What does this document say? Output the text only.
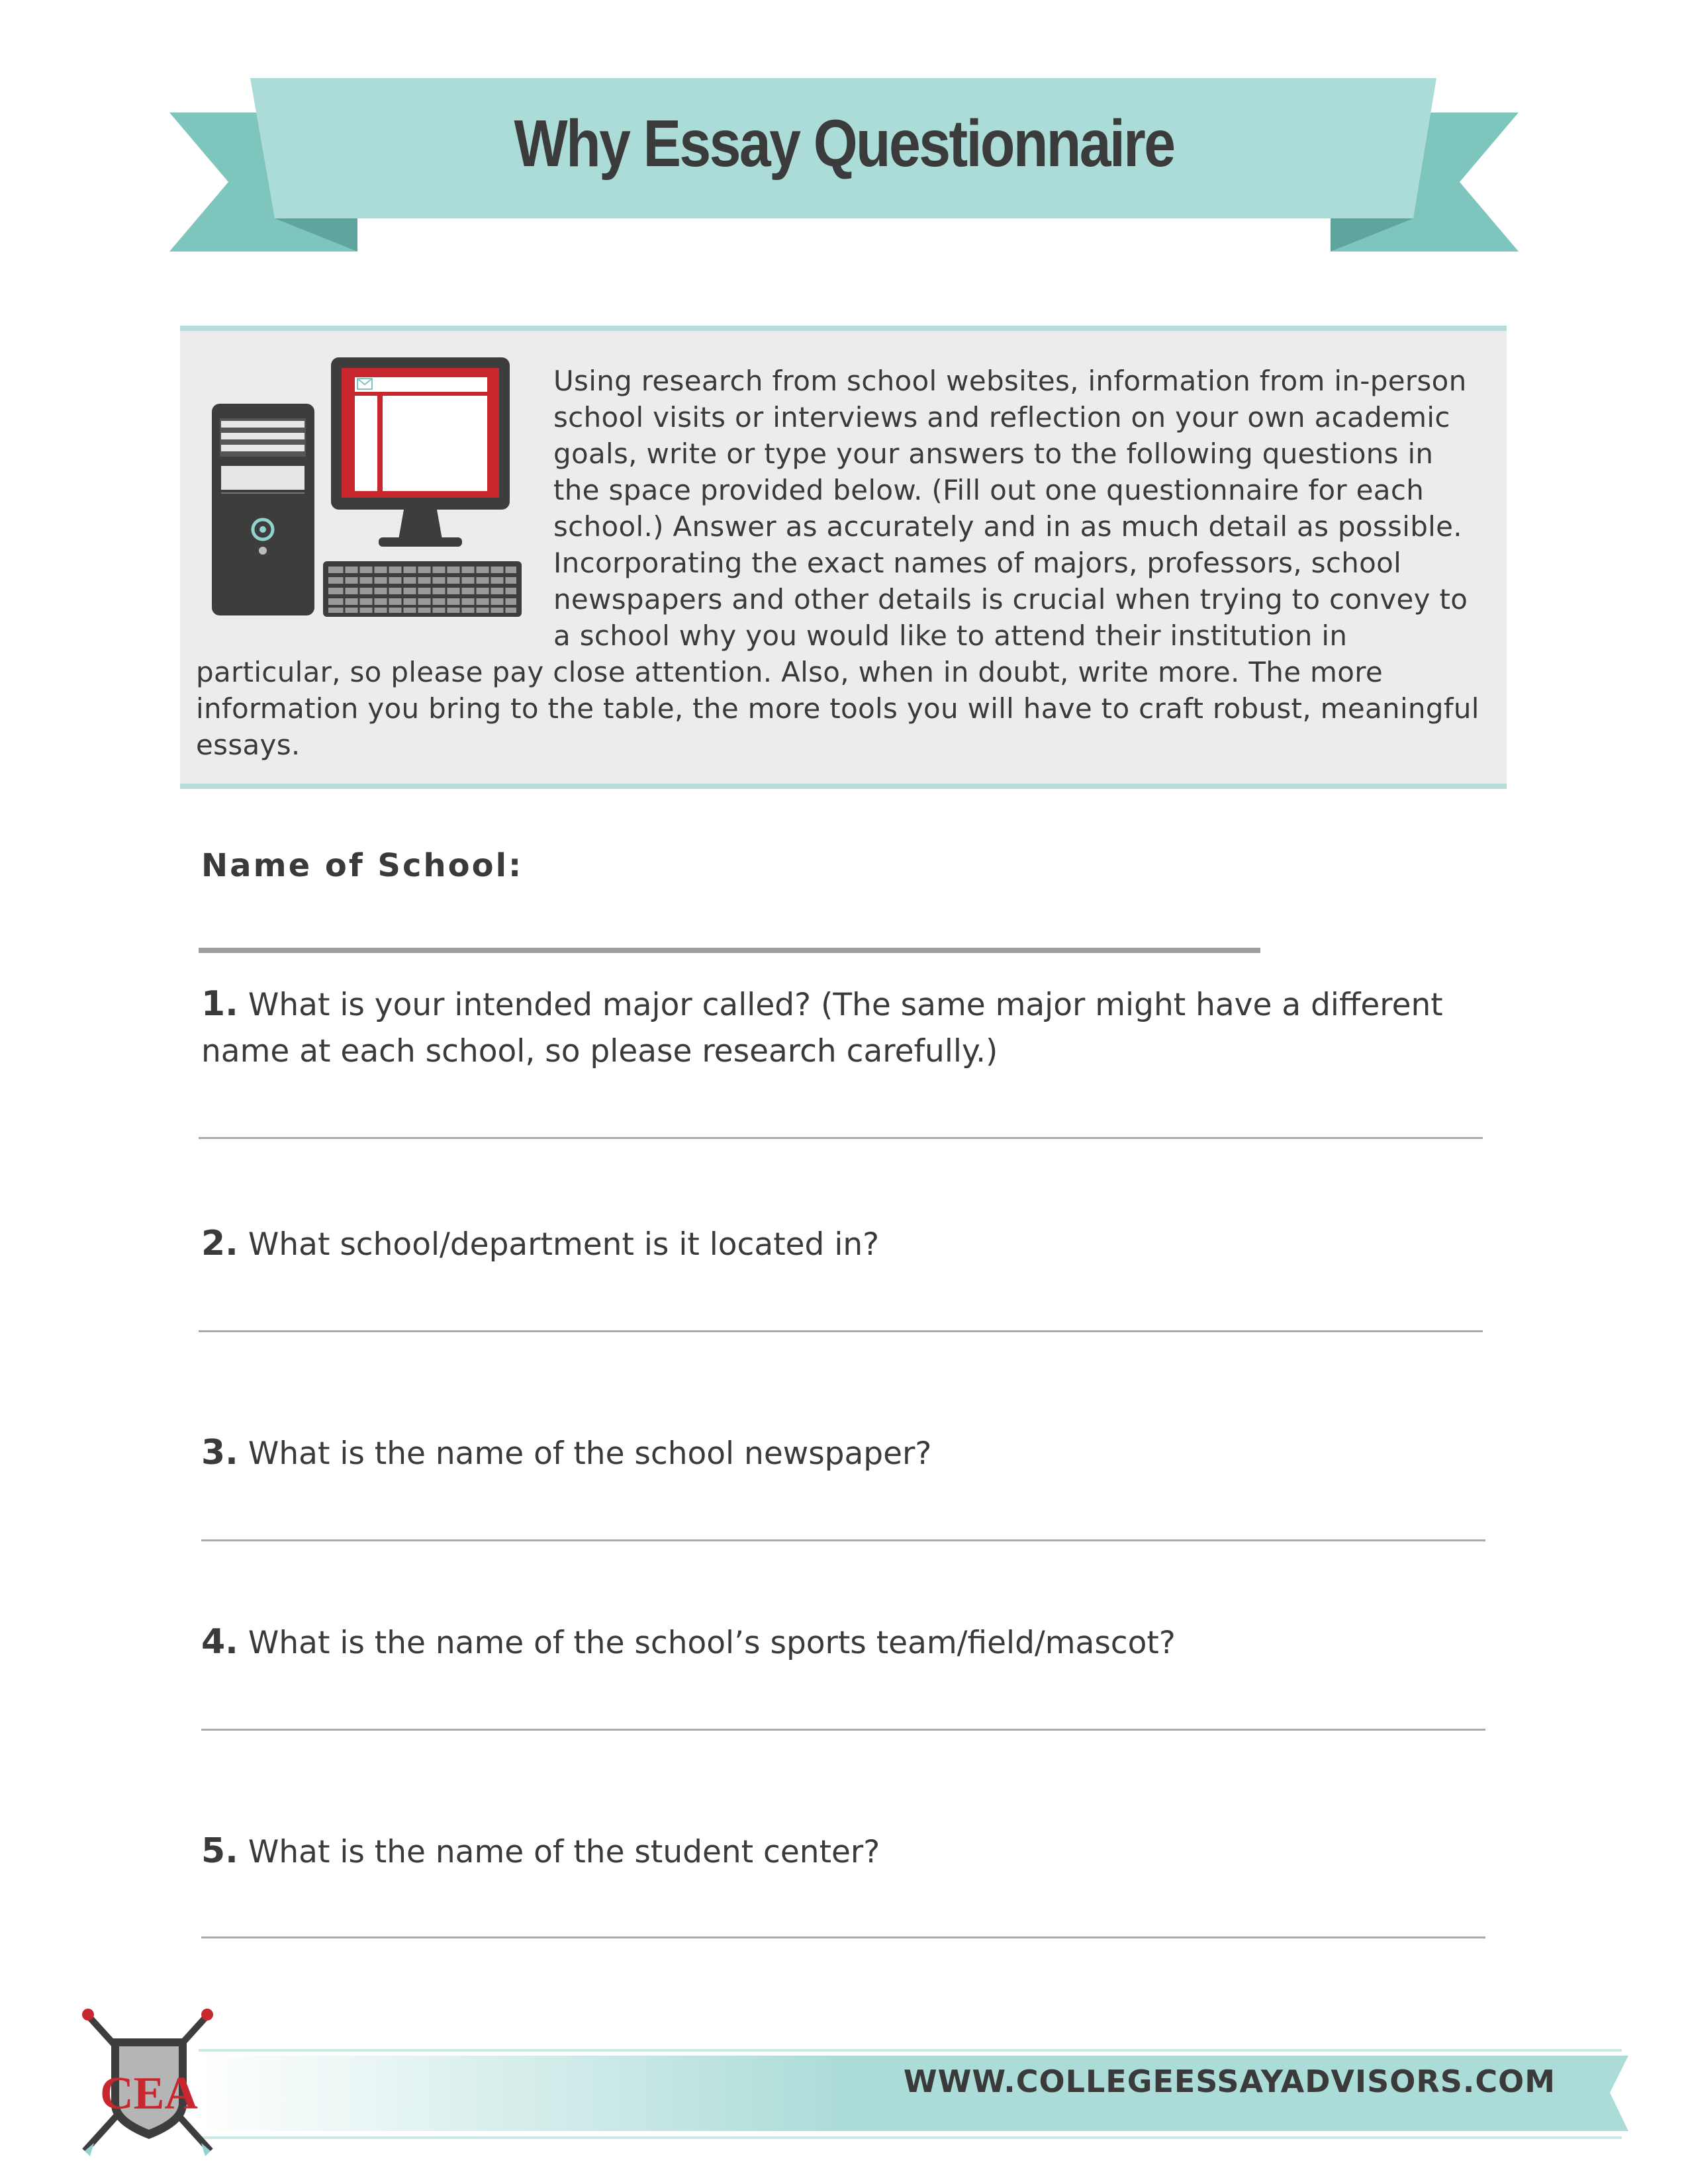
Why Essay Questionnaire

Using research from school websites, information from in-person school visits or interviews and reflection on your own academic goals, write or type your answers to the following questions in the space provided below. (Fill out one questionnaire for each school.) Answer as accurately and in as much detail as possible. Incorporating the exact names of majors, professors, school newspapers and other details is crucial when trying to convey to a school why you would like to attend their institution in particular, so please pay close attention. Also, when in doubt, write more. The more information you bring to the table, the more tools you will have to craft robust, meaningful essays.

Name of School:
1. What is your intended major called? (The same major might have a different name at each school, so please research carefully.)
2. What school/department is it located in?
3. What is the name of the school newspaper?
4. What is the name of the school’s sports team/field/mascot?
5. What is the name of the student center?
CEA	WWW.COLLEGEESSAYADVISORS.COM
